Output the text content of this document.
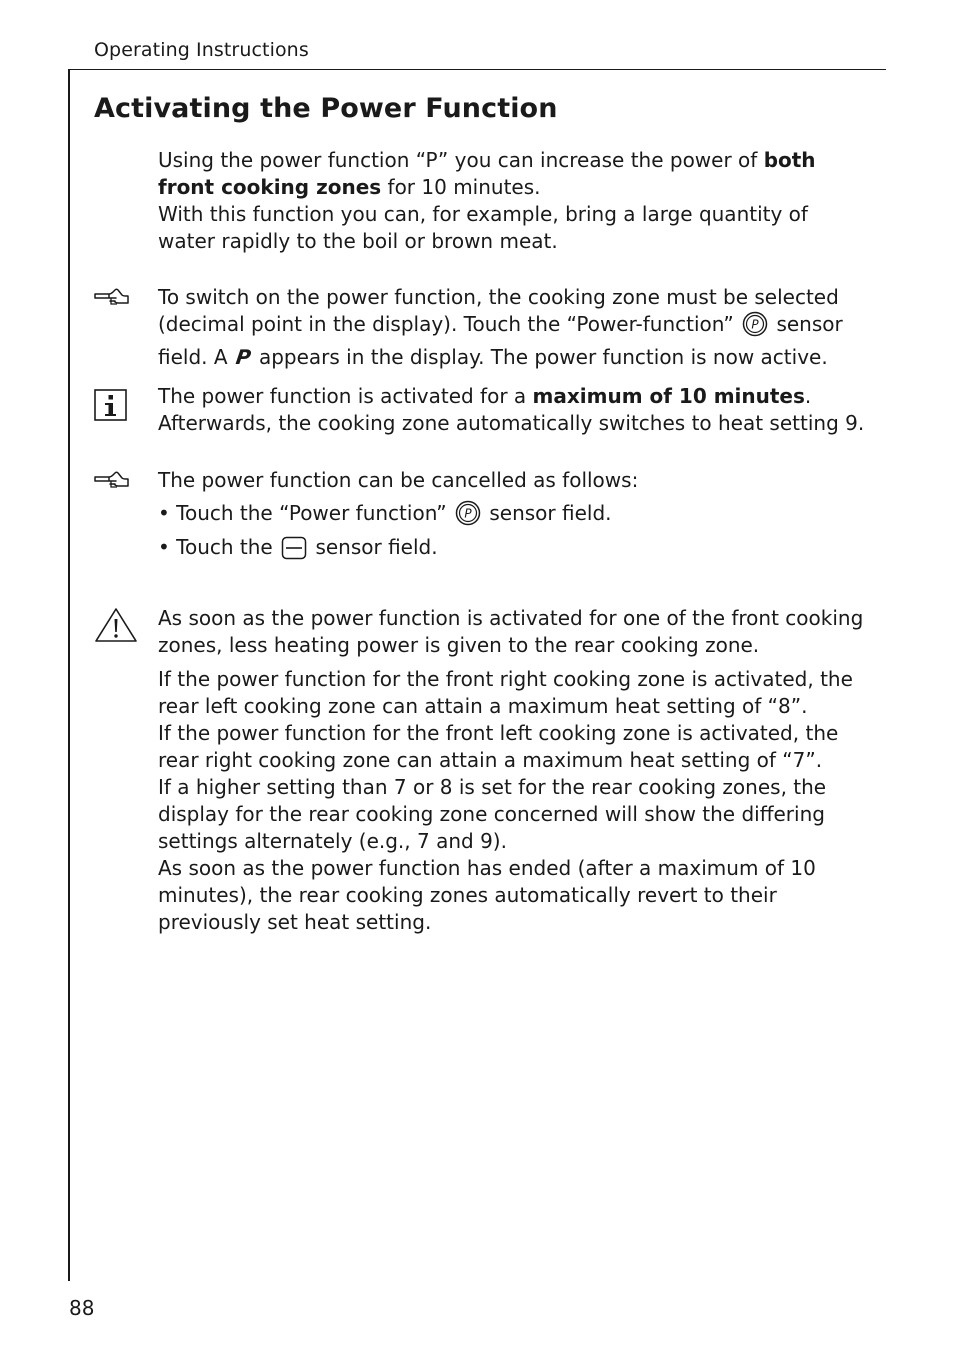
Operating Instructions
Activating the Power Function

Using the power function “P” you can increase the power of both front cooking zones for 10 minutes.
With this function you can, for example, bring a large quantity of water rapidly to the boil or brown meat.

To switch on the power function, the cooking zone must be selected (decimal point in the display). Touch the “Power-function” P sensor field. A P appears in the display. The power function is now active.

The power function is activated for a maximum of 10 minutes. Afterwards, the cooking zone automatically switches to heat setting 9.

The power function can be cancelled as follows:

• Touch the “Power function” P sensor field.

• Touch the  sensor field.

As soon as the power function is activated for one of the front cooking zones, less heating power is given to the rear cooking zone.

If the power function for the front right cooking zone is activated, the rear left cooking zone can attain a maximum heat setting of “8”.
If the power function for the front left cooking zone is activated, the rear right cooking zone can attain a maximum heat setting of “7”.
If a higher setting than 7 or 8 is set for the rear cooking zones, the display for the rear cooking zone concerned will show the differing settings alternately (e.g., 7 and 9).
As soon as the power function has ended (after a maximum of 10 minutes), the rear cooking zones automatically revert to their previously set heat setting.

88
